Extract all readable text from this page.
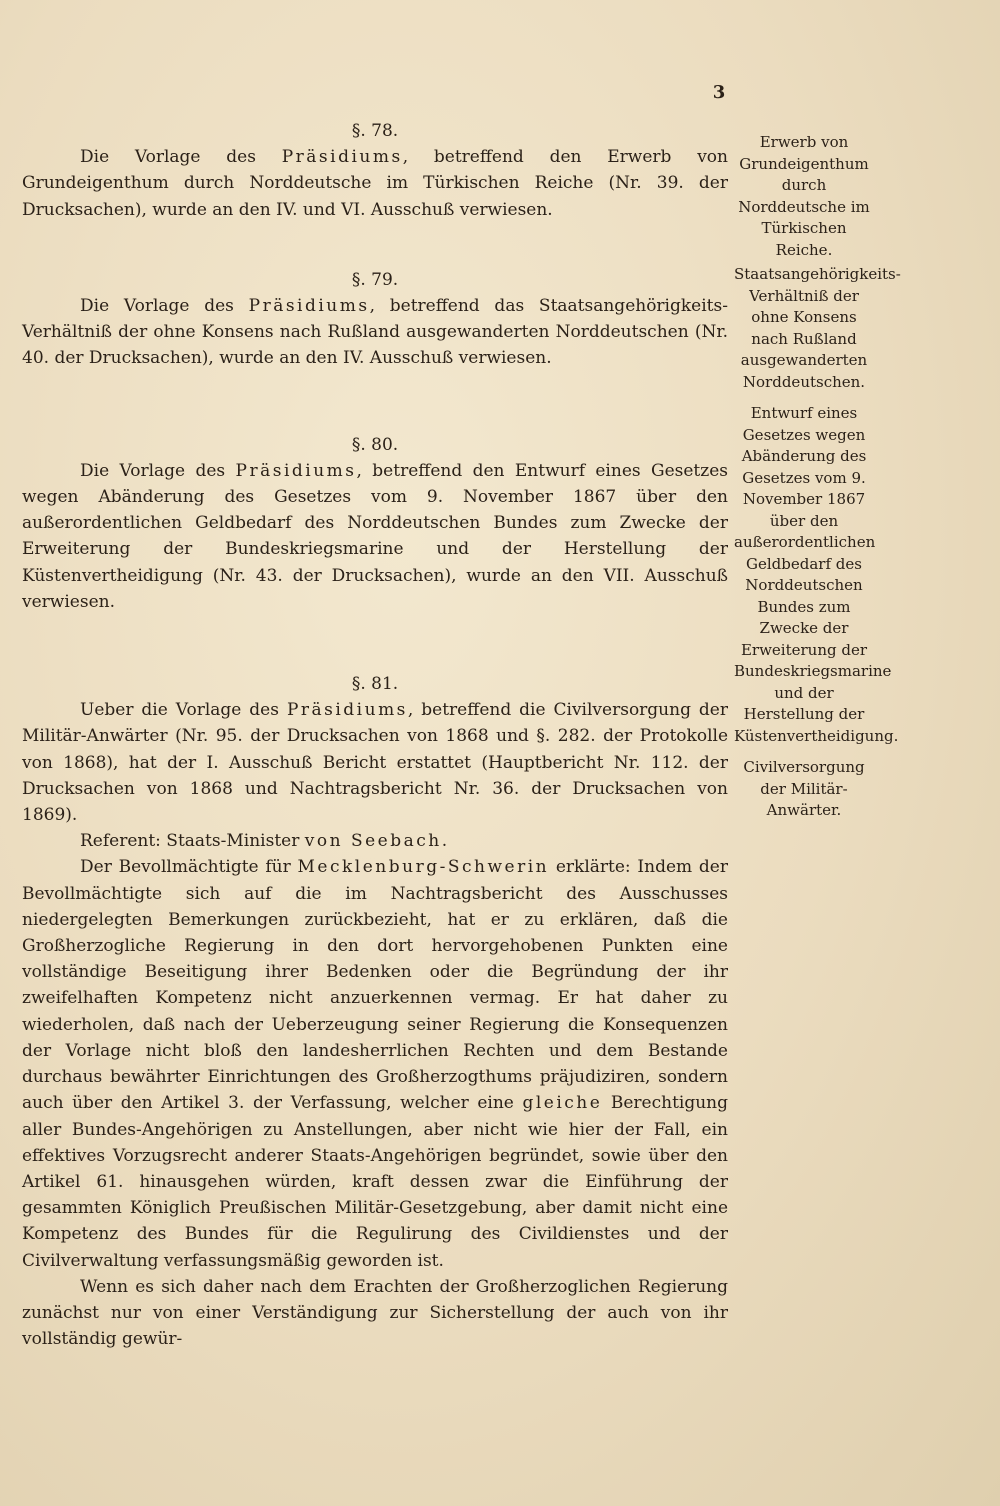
3

§. 78.

Die Vorlage des Präsidiums, betreffend den Erwerb von Grundeigenthum durch Norddeutsche im Türkischen Reiche (Nr. 39. der Drucksachen), wurde an den IV. und VI. Ausschuß verwiesen.

§. 79.

Die Vorlage des Präsidiums, betreffend das Staatsangehörigkeits-Verhältniß der ohne Konsens nach Rußland ausgewanderten Norddeutschen (Nr. 40. der Drucksachen), wurde an den IV. Ausschuß verwiesen.

§. 80.

Die Vorlage des Präsidiums, betreffend den Entwurf eines Gesetzes wegen Abänderung des Gesetzes vom 9. November 1867 über den außerordentlichen Geldbedarf des Norddeutschen Bundes zum Zwecke der Erweiterung der Bundeskriegsmarine und der Herstellung der Küstenvertheidigung (Nr. 43. der Drucksachen), wurde an den VII. Ausschuß verwiesen.

§. 81.

Ueber die Vorlage des Präsidiums, betreffend die Civilversorgung der Militär-Anwärter (Nr. 95. der Drucksachen von 1868 und §. 282. der Protokolle von 1868), hat der I. Ausschuß Bericht erstattet (Hauptbericht Nr. 112. der Drucksachen von 1868 und Nachtragsbericht Nr. 36. der Drucksachen von 1869).

Referent: Staats-Minister von Seebach.

Der Bevollmächtigte für Mecklenburg-Schwerin erklärte: Indem der Bevollmächtigte sich auf die im Nachtragsbericht des Ausschusses niedergelegten Bemerkungen zurückbezieht, hat er zu erklären, daß die Großherzogliche Regierung in den dort hervorgehobenen Punkten eine vollständige Beseitigung ihrer Bedenken oder die Begründung der ihr zweifelhaften Kompetenz nicht anzuerkennen vermag. Er hat daher zu wiederholen, daß nach der Ueberzeugung seiner Regierung die Konsequenzen der Vorlage nicht bloß den landesherrlichen Rechten und dem Bestande durchaus bewährter Einrichtungen des Großherzogthums präjudiziren, sondern auch über den Artikel 3. der Verfassung, welcher eine gleiche Berechtigung aller Bundes-Angehörigen zu Anstellungen, aber nicht wie hier der Fall, ein effektives Vorzugsrecht anderer Staats-Angehörigen begründet, sowie über den Artikel 61. hinausgehen würden, kraft dessen zwar die Einführung der gesammten Königlich Preußischen Militär-Gesetzgebung, aber damit nicht eine Kompetenz des Bundes für die Regulirung des Civildienstes und der Civilverwaltung verfassungsmäßig geworden ist.

Wenn es sich daher nach dem Erachten der Großherzoglichen Regierung zunächst nur von einer Verständigung zur Sicherstellung der auch von ihr vollständig gewür-

Erwerb von Grundeigenthum durch Norddeutsche im Türkischen Reiche.

Staatsangehörigkeits-Verhältniß der ohne Konsens nach Rußland ausgewanderten Norddeutschen.

Entwurf eines Gesetzes wegen Abänderung des Gesetzes vom 9. November 1867 über den außerordentlichen Geldbedarf des Norddeutschen Bundes zum Zwecke der Erweiterung der Bundeskriegsmarine und der Herstellung der Küstenvertheidigung.

Civilversorgung der Militär-Anwärter.
